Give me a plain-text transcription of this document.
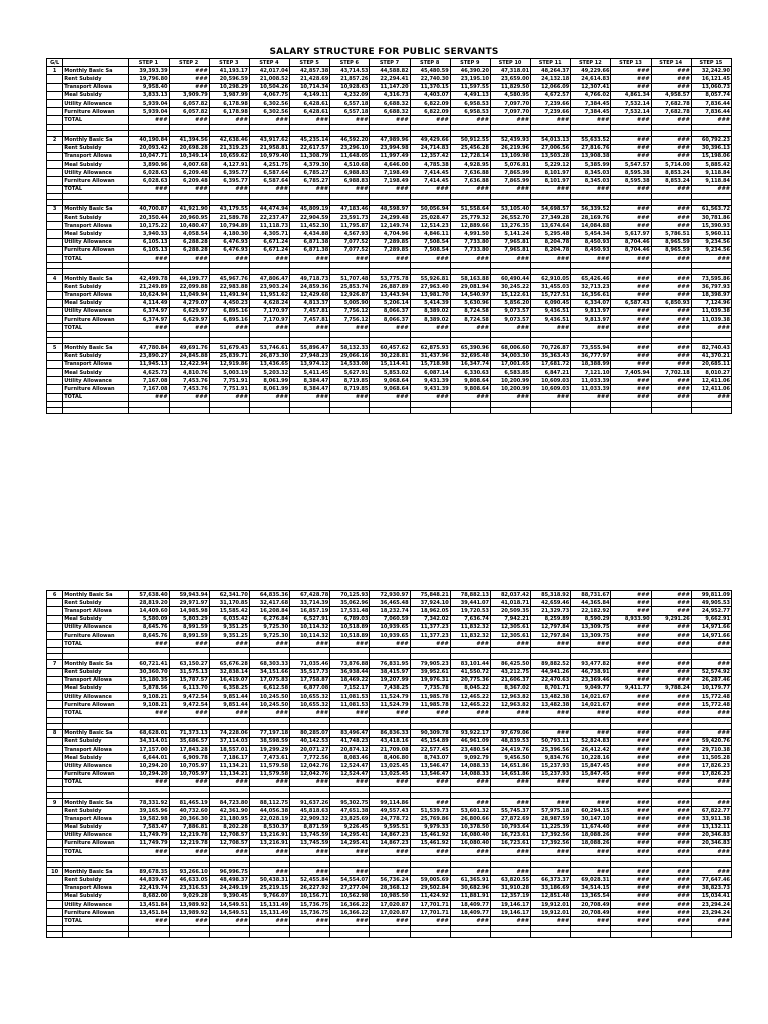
SALARY STRUCTURE FOR PUBLIC SERVANTS
G/L		STEP 1	STEP 2	STEP 3	STEP 4	STEP 5	STEP 6	STEP 7	STEP 8	STEP 9	STEP 10	STEP 11	STEP 12	STEP 13	STEP 14	STEP 15
1	Monthly Basic Sa	39,393.39	###	41,193.17	42,017.04	42,857.38	43,714.53	44,588.82	45,480.59	46,390.20	47,318.01	48,264.37	49,229.66	###	###	32,242.90
	Rent Subsidy	19,796.80	###	20,596.59	21,008.52	21,428.69	21,857.26	22,294.41	22,740.30	23,195.10	23,659.00	24,132.18	24,614.83	###	###	16,121.45
	Transport Allowa	9,958.40	###	10,298.29	10,504.26	10,714.34	10,928.63	11,147.20	11,370.15	11,597.55	11,829.50	12,066.09	12,307.41	###	###	13,060.73
	Meal Subsidy	3,833.13	3,909.79	3,987.99	4,067.75	4,149.11	4,232.09	4,316.73	4,403.07	4,491.13	4,580.95	4,672.57	4,766.02	4,861.34	4,958.57	8,057.74
	Utility Allowance	5,939.04	6,057.82	6,178.98	6,302.56	6,428.61	6,557.18	6,688.32	6,822.09	6,958.53	7,097.70	7,239.66	7,384.45	7,532.14	7,682.78	7,836.44
	Furniture Allowan	5,939.04	6,057.82	6,178.98	6,302.56	6,428.61	6,557.18	6,688.32	6,822.09	6,958.53	7,097.70	7,239.66	7,384.45	7,532.14	7,682.78	7,836.44
	TOTAL	###	###	###	###	###	###	###	###	###	###	###	###	###	###	###

2	Monthly Basic Sa	40,190.84	41,394.56	42,638.46	43,917.62	45,235.14	46,592.20	47,989.96	49,429.66	50,912.55	52,439.93	54,013.13	55,633.52	###	###	60,792.23
	Rent Subsidy	20,093.42	20,698.28	21,319.23	21,958.81	22,617.57	23,296.10	23,994.98	24,714.83	25,456.28	26,219.96	27,006.56	27,816.76	###	###	30,396.13
	Transport Allowa	10,047.71	10,349.14	10,659.62	10,979.40	11,308.79	11,648.05	11,997.49	12,357.42	12,728.14	13,109.98	13,503.28	13,908.38	###	###	15,198.06
	Meal Subsidy	3,890.96	4,007.68	4,127.91	4,251.75	4,379.30	4,510.68	4,646.00	4,785.38	4,928.95	5,076.81	5,229.12	5,385.99	5,547.57	5,714.00	5,885.42
	Utility Allowance	6,028.63	6,209.48	6,395.77	6,587.64	6,785.27	6,988.83	7,198.49	7,414.45	7,636.88	7,865.99	8,101.97	8,345.03	8,595.38	8,853.24	9,118.84
	Furniture Allowan	6,028.63	6,209.48	6,395.77	6,587.64	6,785.27	6,988.83	7,198.49	7,414.45	7,636.88	7,865.99	8,101.97	8,345.03	8,595.38	8,853.24	9,118.84
	TOTAL	###	###	###	###	###	###	###	###	###	###	###	###	###	###	###

3	Monthly Basic Sa	40,700.87	41,921.90	43,179.55	44,474.94	45,809.19	47,183.46	48,598.97	50,056.94	51,558.64	53,105.40	54,698.57	56,339.52	###	###	61,563.72
	Rent Subsidy	20,350.44	20,960.95	21,589.78	22,237.47	22,904.59	23,591.73	24,299.48	25,028.47	25,779.32	26,552.70	27,349.28	28,169.76	###	###	30,781.86
	Transport Allowa	10,175.22	10,480.47	10,794.89	11,118.73	11,452.30	11,795.87	12,149.74	12,514.23	12,889.66	13,276.35	13,674.64	14,084.88	###	###	15,390.93
	Meal Subsidy	3,940.33	4,058.54	4,180.30	4,305.71	4,434.88	4,567.93	4,704.96	4,846.11	4,991.50	5,141.24	5,295.48	5,454.34	5,617.97	5,786.51	5,960.11
	Utility Allowance	6,105.13	6,288.28	6,476.93	6,671.24	6,871.38	7,077.52	7,289.85	7,508.54	7,733.80	7,965.81	8,204.78	8,450.93	8,704.46	8,965.59	9,234.56
	Furniture Allowan	6,105.13	6,288.28	6,476.93	6,671.24	6,871.38	7,077.52	7,289.85	7,508.54	7,733.80	7,965.81	8,204.78	8,450.93	8,704.46	8,965.59	9,234.56
	TOTAL	###	###	###	###	###	###	###	###	###	###	###	###	###	###	###

4	Monthly Basic Sa	42,499.78	44,199.77	45,967.76	47,806.47	49,718.73	51,707.48	53,775.78	55,926.81	58,163.88	60,490.44	62,910.05	65,426.46	###	###	73,595.86
	Rent Subsidy	21,249.89	22,099.88	22,983.88	23,903.24	24,859.36	25,853.74	26,887.89	27,963.40	29,081.94	30,245.22	31,455.03	32,713.23	###	###	36,797.93
	Transport Allowa	10,624.94	11,049.94	11,491.94	11,951.62	12,429.68	12,926.87	13,443.94	13,981.70	14,540.97	15,122.61	15,727.51	16,356.61	###	###	18,398.97
	Meal Subsidy	4,114.49	4,279.07	4,450.23	4,628.24	4,813.37	5,005.90	5,206.14	5,414.39	5,630.96	5,856.20	6,090.45	6,334.07	6,587.43	6,850.93	7,124.96
	Utility Allowance	6,374.97	6,629.97	6,895.16	7,170.97	7,457.81	7,756.12	8,066.37	8,389.02	8,724.58	9,073.57	9,436.51	9,813.97	###	###	11,039.38
	Furniture Allowan	6,374.97	6,629.97	6,895.16	7,170.97	7,457.81	7,756.12	8,066.37	8,389.02	8,724.58	9,073.57	9,436.51	9,813.97	###	###	11,039.38
	TOTAL	###	###	###	###	###	###	###	###	###	###	###	###	###	###	###

5	Monthly Basic Sa	47,780.84	49,691.76	51,679.43	53,746.61	55,896.47	58,132.33	60,457.62	62,875.93	65,390.96	68,006.60	70,726.87	73,555.94	###	###	82,740.43
	Rent Subsidy	23,890.27	24,845.88	25,839.71	26,873.30	27,948.23	29,066.16	30,228.81	31,437.96	32,695.48	34,003.30	35,363.43	36,777.97	###	###	41,370.21
	Transport Allowa	11,945.13	12,422.94	12,919.86	13,436.65	13,974.12	14,533.08	15,114.41	15,718.98	16,347.74	17,001.65	17,681.72	18,388.99	###	###	20,685.11
	Meal Subsidy	4,625.73	4,810.76	5,003.19	5,203.32	5,411.45	5,627.91	5,853.02	6,087.14	6,330.63	6,583.85	6,847.21	7,121.10	7,405.94	7,702.18	8,010.27
	Utility Allowance	7,167.08	7,453.76	7,751.91	8,061.99	8,384.47	8,719.85	9,068.64	9,431.39	9,808.64	10,200.99	10,609.03	11,033.39	###	###	12,411.06
	Furniture Allowan	7,167.08	7,453.76	7,751.91	8,061.99	8,384.47	8,719.85	9,068.64	9,431.39	9,808.64	10,200.99	10,609.03	11,033.39	###	###	12,411.06
	TOTAL	###	###	###	###	###	###	###	###	###	###	###	###	###	###	###

6	Monthly Basic Sa	57,638.40	59,943.94	62,341.70	64,835.36	67,428.78	70,125.93	72,930.97	75,848.21	78,882.13	82,037.42	85,318.92	88,731.67	###	###	99,811.09
	Rent Subsidy	28,819.20	29,971.97	31,170.85	32,417.68	33,714.39	35,062.96	36,465.48	37,924.10	39,441.07	41,018.71	42,659.46	44,365.84	###	###	49,905.53
	Transport Allowa	14,409.60	14,985.98	15,585.42	16,208.84	16,857.19	17,531.48	18,232.74	18,962.05	19,720.53	20,509.35	21,329.73	22,182.92	###	###	24,952.77
	Meal Subsidy	5,580.09	5,803.29	6,035.42	6,276.84	6,527.91	6,789.03	7,060.59	7,342.02	7,636.74	7,942.21	8,259.89	8,590.29	8,933.90	9,291.26	9,662.91
	Utility Allowance	8,645.76	8,991.59	9,351.25	9,725.30	10,114.32	10,518.89	10,939.65	11,377.23	11,832.32	12,305.61	12,797.84	13,309.75	###	###	14,971.66
	Furniture Allowan	8,645.76	8,991.59	9,351.25	9,725.30	10,114.32	10,518.89	10,939.65	11,377.23	11,832.32	12,305.61	12,797.84	13,309.75	###	###	14,971.66
	TOTAL	###	###	###	###	###	###	###	###	###	###	###	###	###	###	###

7	Monthly Basic Sa	60,721.41	63,150.27	65,676.28	68,303.33	71,035.46	73,876.88	76,831.95	79,905.23	83,101.44	86,425.50	89,882.52	93,477.82	###	###	###
	Rent Subsidy	30,360.70	31,575.13	32,838.14	34,151.66	35,517.73	36,938.44	38,415.97	39,952.61	41,550.72	43,212.75	44,941.26	46,738.91	###	###	52,574.92
	Transport Allowa	15,180.35	15,787.57	16,419.07	17,075.83	17,758.87	18,469.22	19,207.99	19,976.31	20,775.36	21,606.37	22,470.63	23,369.46	###	###	26,287.46
	Meal Subsidy	5,878.56	6,113.70	6,358.25	6,612.58	6,877.08	7,152.17	7,438.25	7,735.78	8,045.22	8,367.02	8,701.71	9,049.77	9,411.77	9,788.24	10,179.77
	Utility Allowance	9,108.21	9,472.54	9,851.44	10,245.50	10,655.32	11,081.53	11,524.79	11,985.78	12,465.22	12,963.82	13,482.38	14,021.67	###	###	15,772.48
	Furniture Allowan	9,108.21	9,472.54	9,851.44	10,245.50	10,655.32	11,081.53	11,524.79	11,985.78	12,465.22	12,963.82	13,482.38	14,021.67	###	###	15,772.48
	TOTAL	###	###	###	###	###	###	###	###	###	###	###	###	###	###	###

8	Monthly Basic Sa	68,628.01	71,373.13	74,228.06	77,197.18	80,285.07	83,496.47	86,836.33	90,309.78	93,922.17	97,679.06	###	###	###	###	###
	Rent Subsidy	34,314.01	35,686.57	37,114.03	38,598.59	40,142.53	41,748.23	43,418.16	45,154.89	46,961.09	48,839.53	50,793.11	52,824.83	###	###	59,420.76
	Transport Allowa	17,157.00	17,843.28	18,557.01	19,299.29	20,071.27	20,874.12	21,709.08	22,577.45	23,480.54	24,419.76	25,396.56	26,412.42	###	###	29,710.38
	Meal Subsidy	6,644.01	6,909.78	7,186.17	7,473.61	7,772.56	8,083.46	8,406.80	8,743.07	9,092.79	9,456.50	9,834.76	10,228.16	###	###	11,505.28
	Utility Allowance	10,294.20	10,705.97	11,134.21	11,579.58	12,042.76	12,524.47	13,025.45	13,546.47	14,088.33	14,651.86	15,237.93	15,847.45	###	###	17,826.23
	Furniture Allowan	10,294.20	10,705.97	11,134.21	11,579.58	12,042.76	12,524.47	13,025.45	13,546.47	14,088.33	14,651.86	15,237.93	15,847.45	###	###	17,826.23
	TOTAL	###	###	###	###	###	###	###	###	###	###	###	###	###	###	###

9	Monthly Basic Sa	78,331.92	81,465.19	84,723.80	88,112.75	91,637.26	95,302.75	99,114.86	###	###	###	###	###	###	###	###
	Rent Subsidy	39,165.96	40,732.60	42,361.90	44,056.38	45,818.63	47,651.38	49,557.43	51,539.73	53,601.32	55,745.37	57,975.18	60,294.15	###	###	67,822.77
	Transport Allowa	19,582.98	20,366.30	21,180.95	22,028.19	22,909.32	23,825.69	24,778.72	25,769.86	26,800.66	27,872.69	28,987.59	30,147.10	###	###	33,911.38
	Meal Subsidy	7,583.47	7,886.81	8,202.28	8,530.37	8,871.59	9,226.45	9,595.51	9,979.33	10,378.50	10,793.64	11,225.39	11,674.40	###	###	13,132.11
	Utility Allowance	11,749.79	12,219.78	12,708.57	13,216.91	13,745.59	14,295.41	14,867.23	15,461.92	16,080.40	16,723.61	17,392.56	18,088.26	###	###	20,346.83
	Furniture Allowan	11,749.79	12,219.78	12,708.57	13,216.91	13,745.59	14,295.41	14,867.23	15,461.92	16,080.40	16,723.61	17,392.56	18,088.26	###	###	20,346.83
	TOTAL	###	###	###	###	###	###	###	###	###	###	###	###	###	###	###

10	Monthly Basic Sa	89,678.35	93,266.10	96,996.75	###	###	###	###	###	###	###	###	###	###	###	###
	Rent Subsidy	44,839.47	46,633.05	48,498.37	50,438.31	52,455.84	54,554.07	56,736.24	59,005.69	61,365.91	63,820.55	66,373.37	69,028.31	###	###	77,647.46
	Transport Allowa	22,419.74	23,316.53	24,249.19	25,219.15	26,227.92	27,277.04	28,368.12	29,502.84	30,682.96	31,910.28	33,186.69	34,514.15	###	###	38,823.73
	Meal Subsidy	8,682.00	9,029.28	9,390.45	9,766.07	10,156.71	10,562.98	10,985.50	11,424.92	11,881.91	12,357.19	12,851.48	13,365.54	###	###	15,034.41
	Utility Allowance	13,451.84	13,989.92	14,549.51	15,131.49	15,736.75	16,366.22	17,020.87	17,701.71	18,409.77	19,146.17	19,912.01	20,708.49	###	###	23,294.24
	Furniture Allowan	13,451.84	13,989.92	14,549.51	15,131.49	15,736.75	16,366.22	17,020.87	17,701.71	18,409.77	19,146.17	19,912.01	20,708.49	###	###	23,294.24
	TOTAL	###	###	###	###	###	###	###	###	###	###	###	###	###	###	###
